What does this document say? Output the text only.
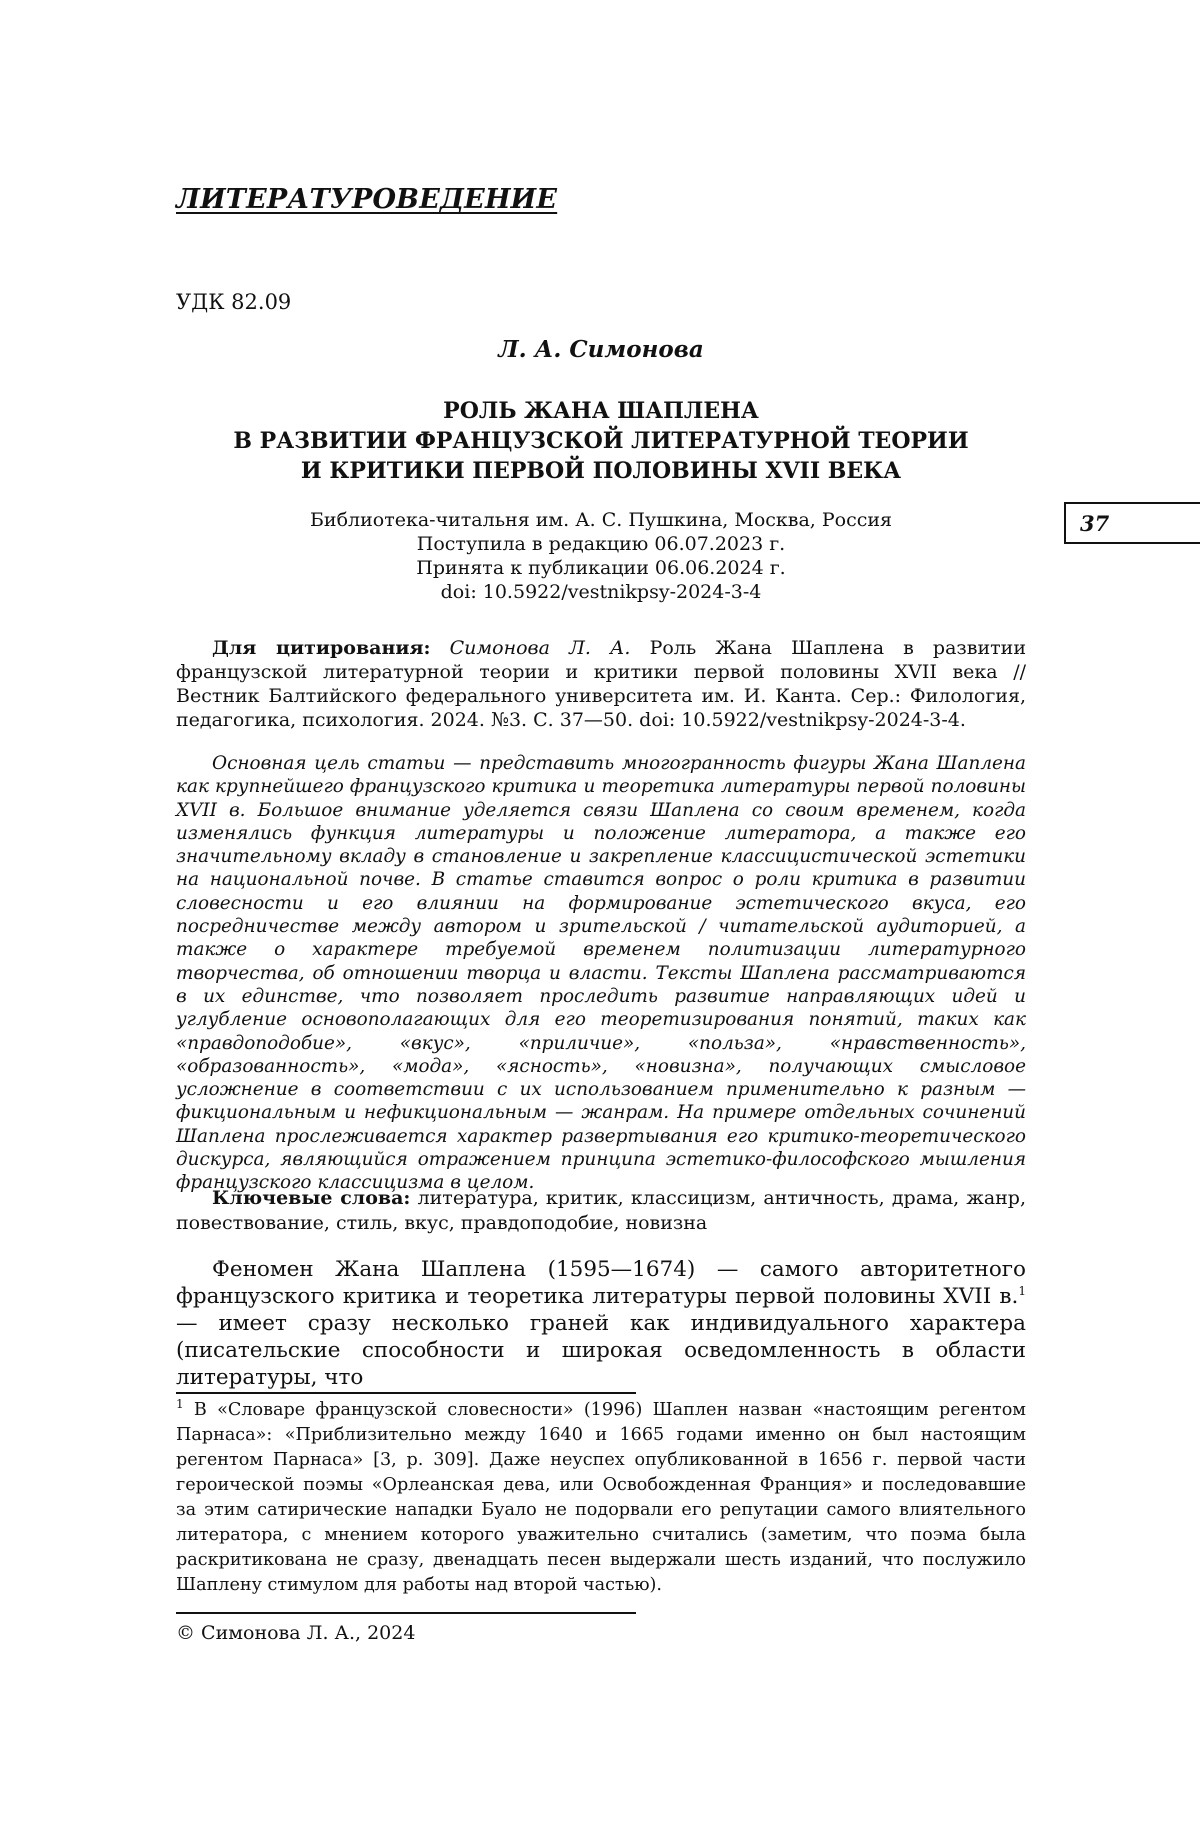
ЛИТЕРАТУРОВЕДЕНИЕ

УДК 82.09

Л. А. Симонова

РОЛЬ ЖАНА ШАПЛЕНА
В РАЗВИТИИ ФРАНЦУЗСКОЙ ЛИТЕРАТУРНОЙ ТЕОРИИ
И КРИТИКИ ПЕРВОЙ ПОЛОВИНЫ XVII ВЕКА
Библиотека-читальня им. А. С. Пушкина, Москва, Россия
Поступила в редакцию 06.07.2023 г.
Принята к публикации 06.06.2024 г.
doi: 10.5922/vestnikpsy-2024-3-4
37

Для цитирования: Симонова Л. А. Роль Жана Шаплена в развитии французской литературной теории и критики первой половины XVII века // Вестник Балтийского федерального университета им. И. Канта. Сер.: Филология, педагогика, психология. 2024. №3. С. 37—50. doi: 10.5922/vestnikpsy-2024-3-4.

Основная цель статьи — представить многогранность фигуры Жана Шаплена как крупнейшего французского критика и теоретика литературы первой половины XVII в. Большое внимание уделяется связи Шаплена со своим временем, когда изменялись функция литературы и положение литератора, а также его значительному вкладу в становление и закрепление классицистической эстетики на национальной почве. В статье ставится вопрос о роли критика в развитии словесности и его влиянии на формирование эстетического вкуса, его посредничестве между автором и зрительской / читательской аудиторией, а также о характере требуемой временем политизации литературного творчества, об отношении творца и власти. Тексты Шаплена рассматриваются в их единстве, что позволяет проследить развитие направляющих идей и углубление основополагающих для его теоретизирования понятий, таких как «правдоподобие», «вкус», «приличие», «польза», «нравственность», «образованность», «мода», «ясность», «новизна», получающих смысловое усложнение в соответствии с их использованием применительно к разным — фикциональным и нефикциональным — жанрам. На примере отдельных сочинений Шаплена прослеживается характер развертывания его критико-теоретического дискурса, являющийся отражением принципа эстетико-философского мышления французского классицизма в целом.

Ключевые слова: литература, критик, классицизм, античность, драма, жанр, повествование, стиль, вкус, правдоподобие, новизна

Феномен Жана Шаплена (1595—1674) — самого авторитетного французского критика и теоретика литературы первой половины XVII в.$^1$ — имеет сразу несколько граней как индивидуального характера (писательские способности и широкая осведомленность в области литературы, что

$^1$ В «Словаре французской словесности» (1996) Шаплен назван «настоящим регентом Парнаса»: «Приблизительно между 1640 и 1665 годами именно он был настоящим регентом Парнаса» [3, p. 309]. Даже неуспех опубликованной в 1656 г. первой части героической поэмы «Орлеанская дева, или Освобожденная Франция» и последовавшие за этим сатирические нападки Буало не подорвали его репутации самого влиятельного литератора, с мнением которого уважительно считались (заметим, что поэма была раскритикована не сразу, двенадцать песен выдержали шесть изданий, что послужило Шаплену стимулом для работы над второй частью).

© Симонова Л. А., 2024
